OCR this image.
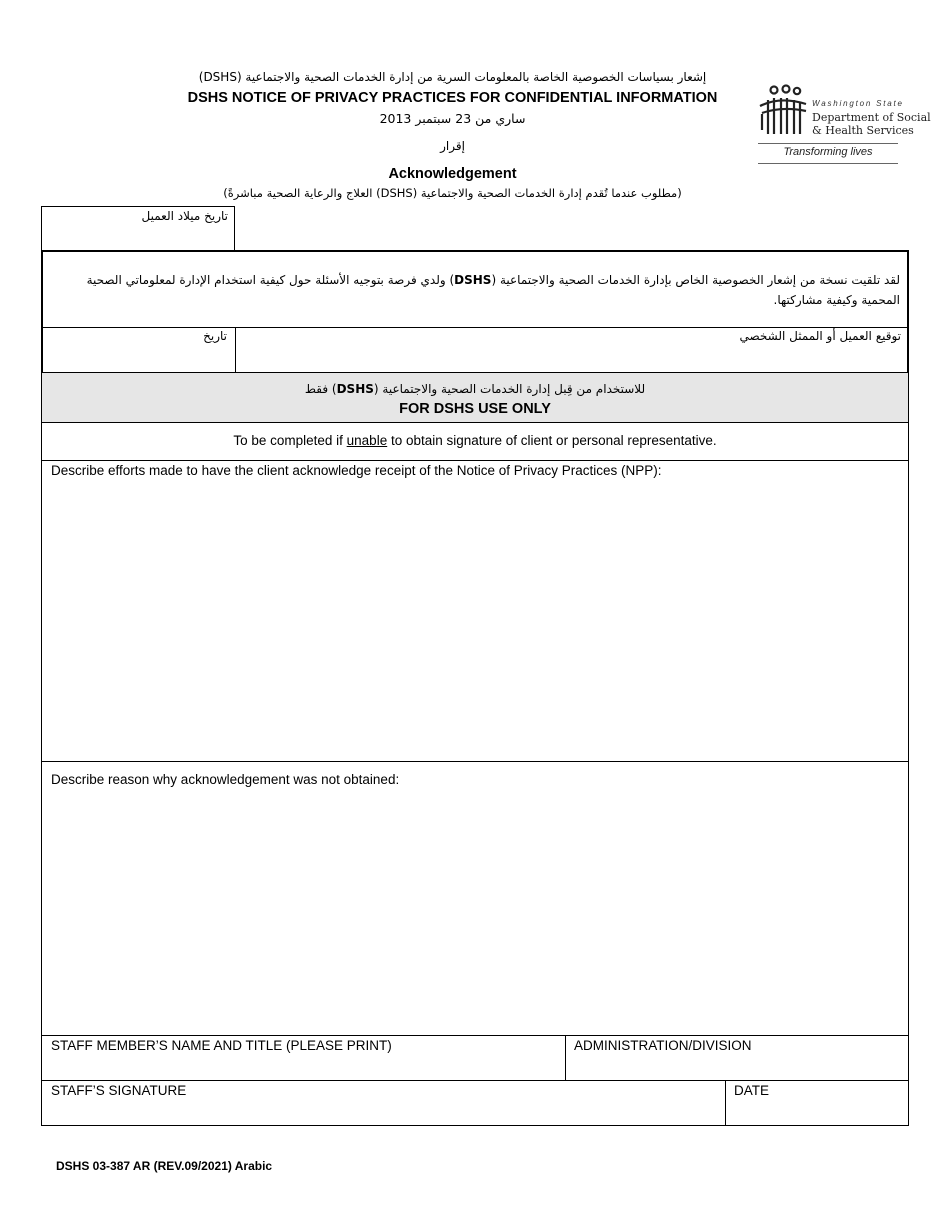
إشعار بسياسات الخصوصية الخاصة بالمعلومات السرية من إدارة الخدمات الصحية والاجتماعية (DSHS)
DSHS NOTICE OF PRIVACY PRACTICES FOR CONFIDENTIAL INFORMATION
ساري من 23 سبتمبر 2013
إقرار
Acknowledgement
(مطلوب عندما تُقدم إدارة الخدمات الصحية والاجتماعية (DSHS) العلاج والرعاية الصحية مباشرةً)
Washington State
Department of Social
& Health Services
Transforming lives
تاريخ ميلاد العميل
لقد تلقيت نسخة من إشعار الخصوصية الخاص بإدارة الخدمات الصحية والاجتماعية (DSHS) ولدي فرصة بتوجيه الأسئلة حول كيفية استخدام الإدارة لمعلوماتي الصحية المحمية وكيفية مشاركتها.
توقيع العميل أو الممثل الشخصي
تاريخ
للاستخدام من قِبل إدارة الخدمات الصحية والاجتماعية (DSHS) فقط
FOR DSHS USE ONLY
To be completed if unable to obtain signature of client or personal representative.
Describe efforts made to have the client acknowledge receipt of the Notice of Privacy Practices (NPP):
Describe reason why acknowledgement was not obtained:
STAFF MEMBER’S NAME AND TITLE (PLEASE PRINT)	ADMINISTRATION/DIVISION
STAFF’S SIGNATURE	DATE
DSHS 03-387 AR (REV.09/2021) Arabic
